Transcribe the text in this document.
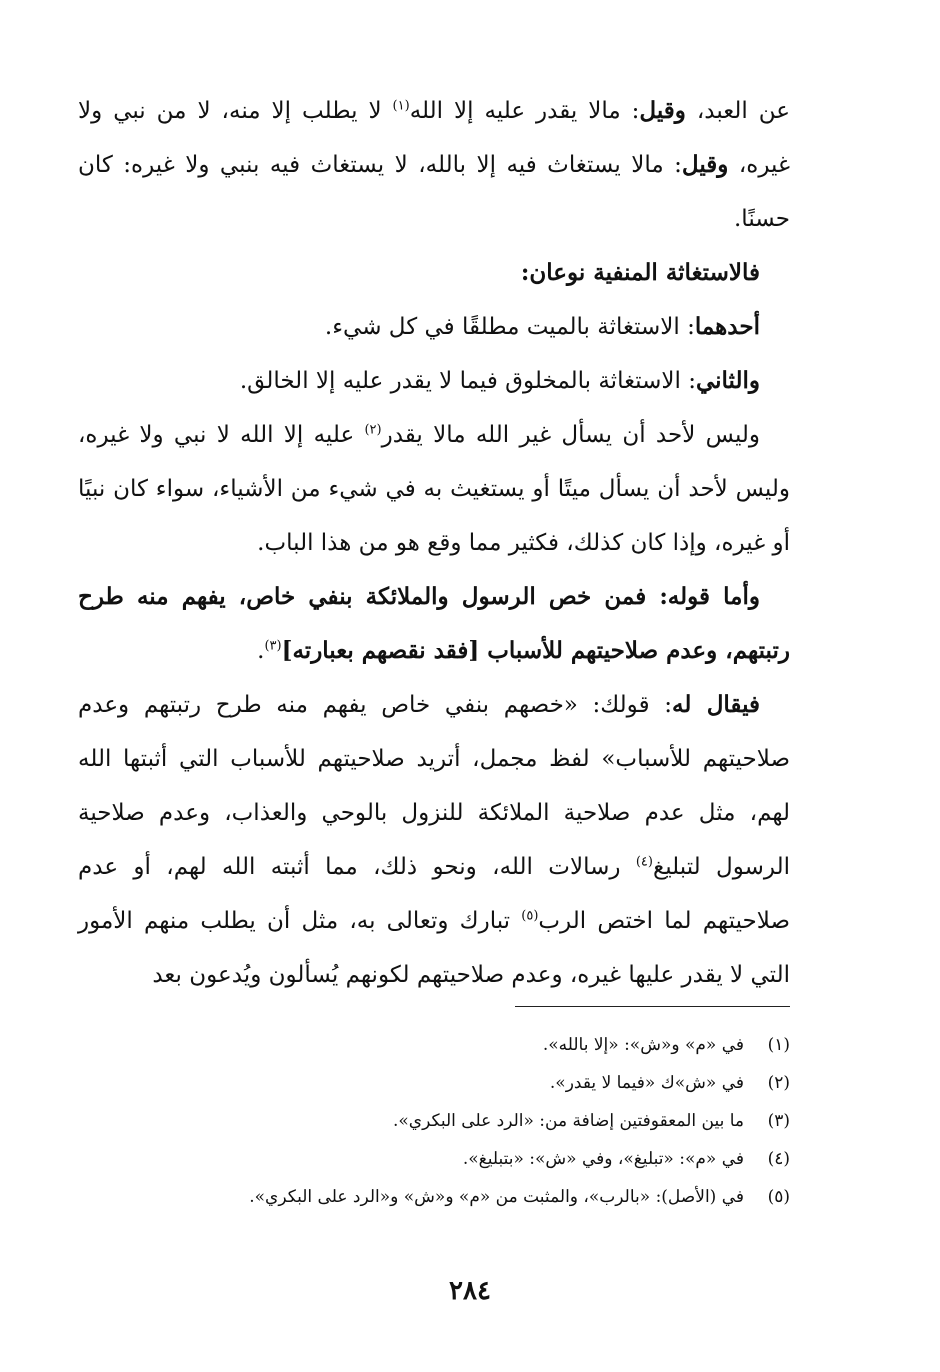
عن العبد، وقيل: مالا يقدر عليه إلا الله$^{(١)}$ لا يطلب إلا منه، لا من نبي ولا غيره، وقيل: مالا يستغاث فيه إلا بالله، لا يستغاث فيه بنبي ولا غيره: كان حسنًا.

فالاستغاثة المنفية نوعان:

أحدهما: الاستغاثة بالميت مطلقًا في كل شيء.

والثاني: الاستغاثة بالمخلوق فيما لا يقدر عليه إلا الخالق.

وليس لأحد أن يسأل غير الله مالا يقدر$^{(٢)}$ عليه إلا الله لا نبي ولا غيره، وليس لأحد أن يسأل ميتًا أو يستغيث به في شيء من الأشياء، سواء كان نبيًا أو غيره، وإذا كان كذلك، فكثير مما وقع هو من هذا الباب.

وأما قوله: فمن خص الرسول والملائكة بنفي خاص، يفهم منه طرح رتبتهم، وعدم صلاحيتهم للأسباب [فقد نقصهم بعبارته]$^{(٣)}$.

فيقال له: قولك: «خصهم بنفي خاص يفهم منه طرح رتبتهم وعدم صلاحيتهم للأسباب» لفظ مجمل، أتريد صلاحيتهم للأسباب التي أثبتها الله لهم، مثل عدم صلاحية الملائكة للنزول بالوحي والعذاب، وعدم صلاحية الرسول لتبليغ$^{(٤)}$ رسالات الله، ونحو ذلك، مما أثبته الله لهم، أو عدم صلاحيتهم لما اختص الرب$^{(٥)}$ تبارك وتعالى به، مثل أن يطلب منهم الأمور التي لا يقدر عليها غيره، وعدم صلاحيتهم لكونهم يُسألون ويُدعون بعد

(١)
في «م» و«ش»: «إلا بالله».
(٢)
في «ش»ك «فيما لا يقدر».
(٣)
ما بين المعقوفتين إضافة من: «الرد على البكري».
(٤)
في «م»: «تبليغ»، وفي «ش»: «بتبليغ».
(٥)
في (الأصل): «بالرب»، والمثبت من «م» و«ش» و«الرد على البكري».
٢٨٤
